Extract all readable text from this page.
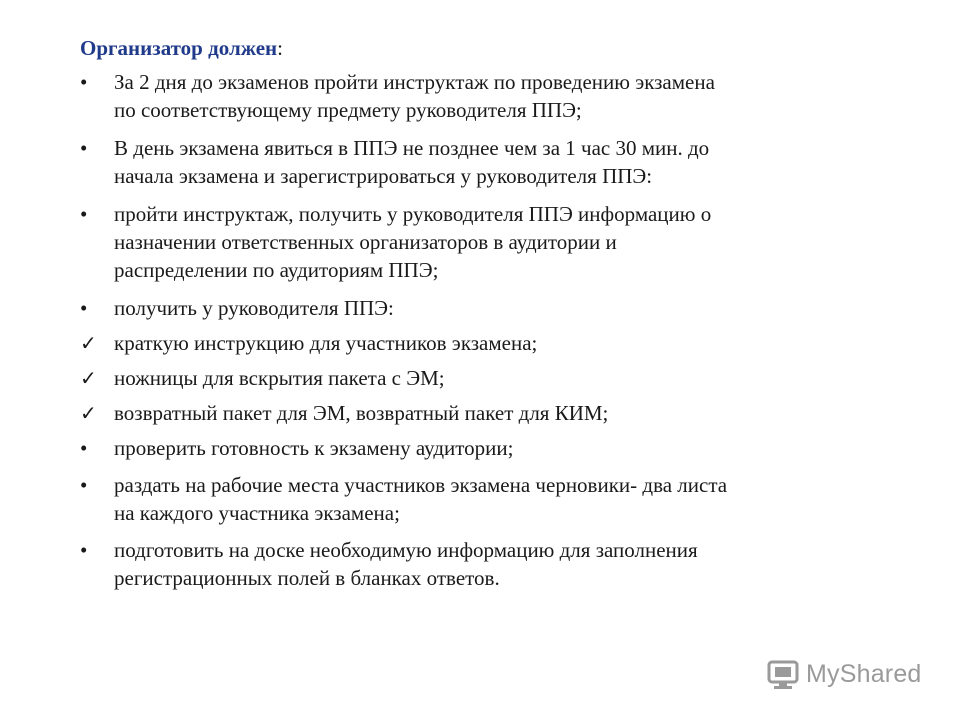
Организатор должен:
•	За 2 дня до экзаменов пройти инструктаж по проведению экзамена
по соответствующему предмету руководителя ППЭ;
•	В день экзамена явиться в ППЭ не позднее чем за 1 час 30 мин. до
начала экзамена и зарегистрироваться у руководителя ППЭ:
•	пройти инструктаж, получить у руководителя ППЭ информацию о
назначении ответственных организаторов в аудитории и
распределении по аудиториям ППЭ;
•	получить у руководителя ППЭ:
✓ краткую инструкцию для участников экзамена;
✓ ножницы для вскрытия пакета с ЭМ;
✓ возвратный пакет для ЭМ, возвратный пакет для КИМ;
•	проверить готовность к экзамену аудитории;
•	раздать на рабочие места участников экзамена черновики- два листа
на каждого участника экзамена;
•	подготовить на доске необходимую информацию для заполнения
регистрационных полей в бланках ответов.
MyShared
